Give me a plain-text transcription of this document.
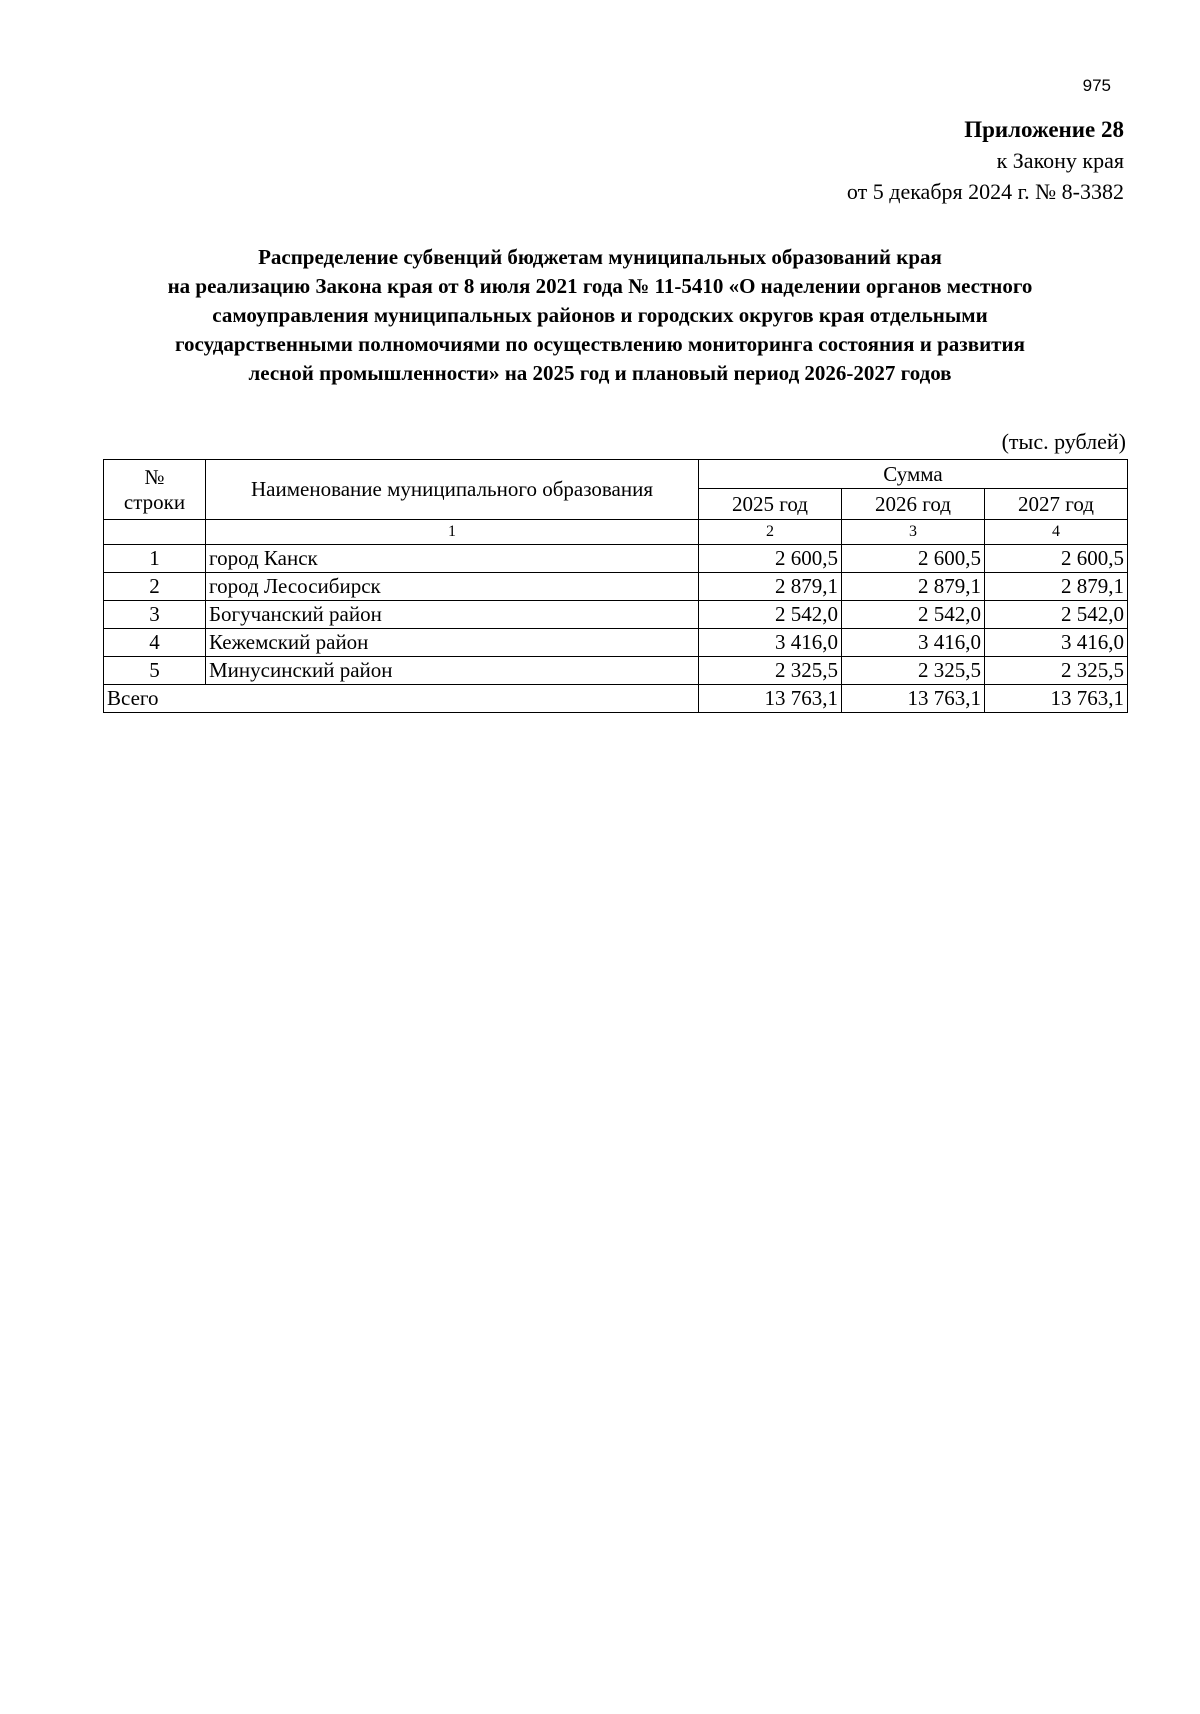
975
Приложение 28
к Закону края
от 5 декабря 2024 г. № 8-3382
Распределение субвенций бюджетам муниципальных образований края
на реализацию Закона края от 8 июля 2021 года № 11-5410 «О наделении органов местного
самоуправления муниципальных районов и городских округов края отдельными
государственными полномочиями по осуществлению мониторинга состояния и развития
лесной промышленности» на 2025 год и плановый период 2026-2027 годов
(тыс. рублей)
№
строки	Наименование муниципального образования	Сумма		
		2025 год	2026 год	2027 год
	1	2	3	4
1	город Канск	2 600,5	2 600,5	2 600,5
2	город Лесосибирск	2 879,1	2 879,1	2 879,1
3	Богучанский район	2 542,0	2 542,0	2 542,0
4	Кежемский район	3 416,0	3 416,0	3 416,0
5	Минусинский район	2 325,5	2 325,5	2 325,5
Всего		13 763,1	13 763,1	13 763,1
